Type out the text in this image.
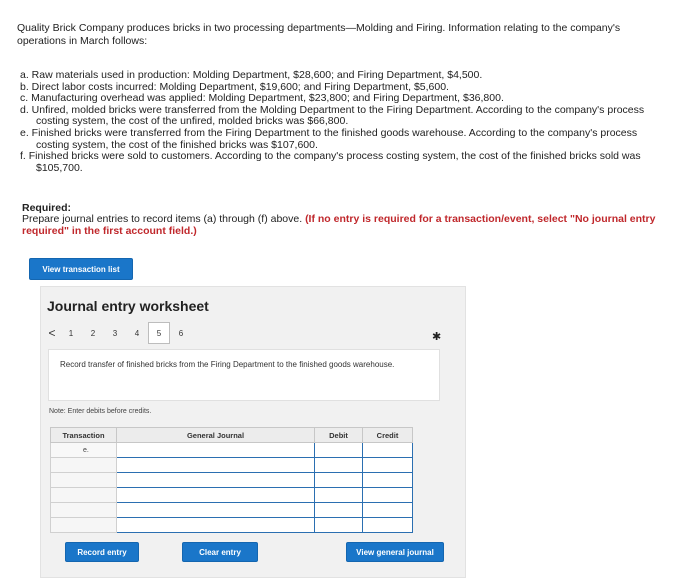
Quality Brick Company produces bricks in two processing departments—Molding and Firing. Information relating to the company's operations in March follows:
a. Raw materials used in production: Molding Department, $28,600; and Firing Department, $4,500.
b. Direct labor costs incurred: Molding Department, $19,600; and Firing Department, $5,600.
c. Manufacturing overhead was applied: Molding Department, $23,800; and Firing Department, $36,800.
d. Unfired, molded bricks were transferred from the Molding Department to the Firing Department. According to the company's process costing system, the cost of the unfired, molded bricks was $66,800.
e. Finished bricks were transferred from the Firing Department to the finished goods warehouse. According to the company's process costing system, the cost of the finished bricks was $107,600.
f. Finished bricks were sold to customers. According to the company's process costing system, the cost of the finished bricks sold was $105,700.
Required:
Prepare journal entries to record items (a) through (f) above. (If no entry is required for a transaction/event, select "No journal entry required" in the first account field.)
View transaction list
Journal entry worksheet
<	1	2	3	4	5	6	✱
Record transfer of finished bricks from the Firing Department to the finished goods warehouse.
Note: Enter debits before credits.
Transaction	General Journal	Debit	Credit
e.			

Record entry	Clear entry	View general journal
